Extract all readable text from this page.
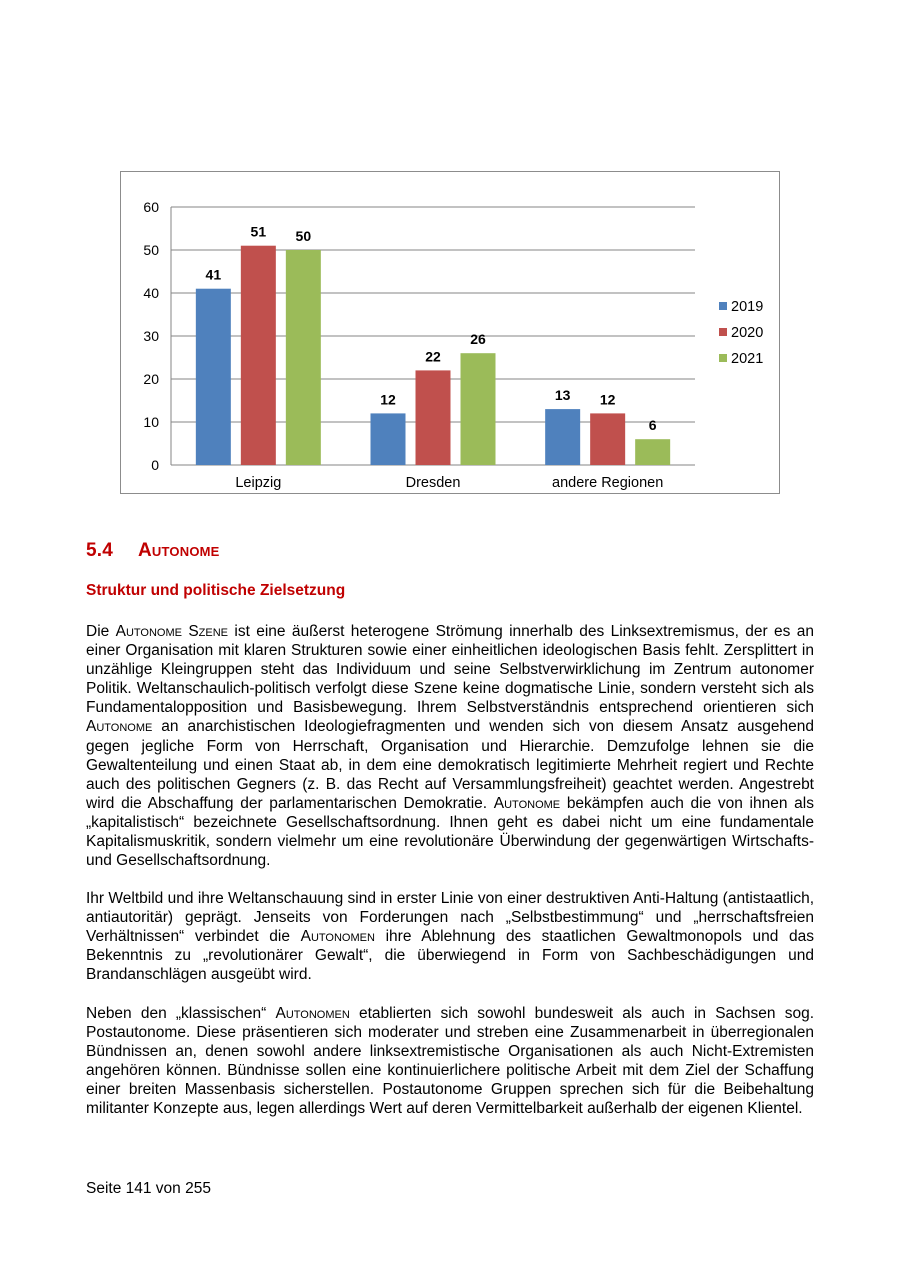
0
10
20
30
40
50
60
41
51 50
Leipzig
12
22
26
Dresden
13 12
6
andere Regionen
2019
2020
2021
5.4 Autonome
Struktur und politische Zielsetzung

Die Autonome Szene ist eine äußerst heterogene Strömung innerhalb des Linksextremismus, der es an einer Organisation mit klaren Strukturen sowie einer einheitlichen ideologischen Basis fehlt. Zersplittert in unzählige Kleingruppen steht das Individuum und seine Selbstverwirklichung im Zentrum autonomer Politik. Weltanschaulich-politisch verfolgt diese Szene keine dogmatische Linie, sondern versteht sich als Fundamentalopposition und Basisbewegung. Ihrem Selbstverständnis entsprechend orientieren sich Autonome an anarchistischen Ideologiefragmenten und wenden sich von diesem Ansatz ausgehend gegen jegliche Form von Herrschaft, Organisation und Hierarchie. Demzufolge lehnen sie die Gewaltenteilung und einen Staat ab, in dem eine demokratisch legitimierte Mehrheit regiert und Rechte auch des politischen Gegners (z. B. das Recht auf Versammlungsfreiheit) geachtet werden. Angestrebt wird die Abschaffung der parlamentarischen Demokratie. Autonome bekämpfen auch die von ihnen als „kapitalistisch“ bezeichnete Gesellschaftsordnung. Ihnen geht es dabei nicht um eine fundamentale Kapitalismuskritik, sondern vielmehr um eine revolutionäre Überwindung der gegenwärtigen Wirtschafts- und Gesellschaftsordnung.

Ihr Weltbild und ihre Weltanschauung sind in erster Linie von einer destruktiven Anti-Haltung (antistaatlich, antiautoritär) geprägt. Jenseits von Forderungen nach „Selbstbestimmung“ und „herrschaftsfreien Verhältnissen“ verbindet die Autonomen ihre Ablehnung des staatlichen Gewaltmonopols und das Bekenntnis zu „revolutionärer Gewalt“, die überwiegend in Form von Sachbeschädigungen und Brandanschlägen ausgeübt wird.

Neben den „klassischen“ Autonomen etablierten sich sowohl bundesweit als auch in Sachsen sog. Postautonome. Diese präsentieren sich moderater und streben eine Zusammenarbeit in überregionalen Bündnissen an, denen sowohl andere linksextremistische Organisationen als auch Nicht-Extremisten angehören können. Bündnisse sollen eine kontinuierlichere politische Arbeit mit dem Ziel der Schaffung einer breiten Massenbasis sicherstellen. Postautonome Gruppen sprechen sich für die Beibehaltung militanter Konzepte aus, legen allerdings Wert auf deren Vermittelbarkeit außerhalb der eigenen Klientel.

Seite 141 von 255
